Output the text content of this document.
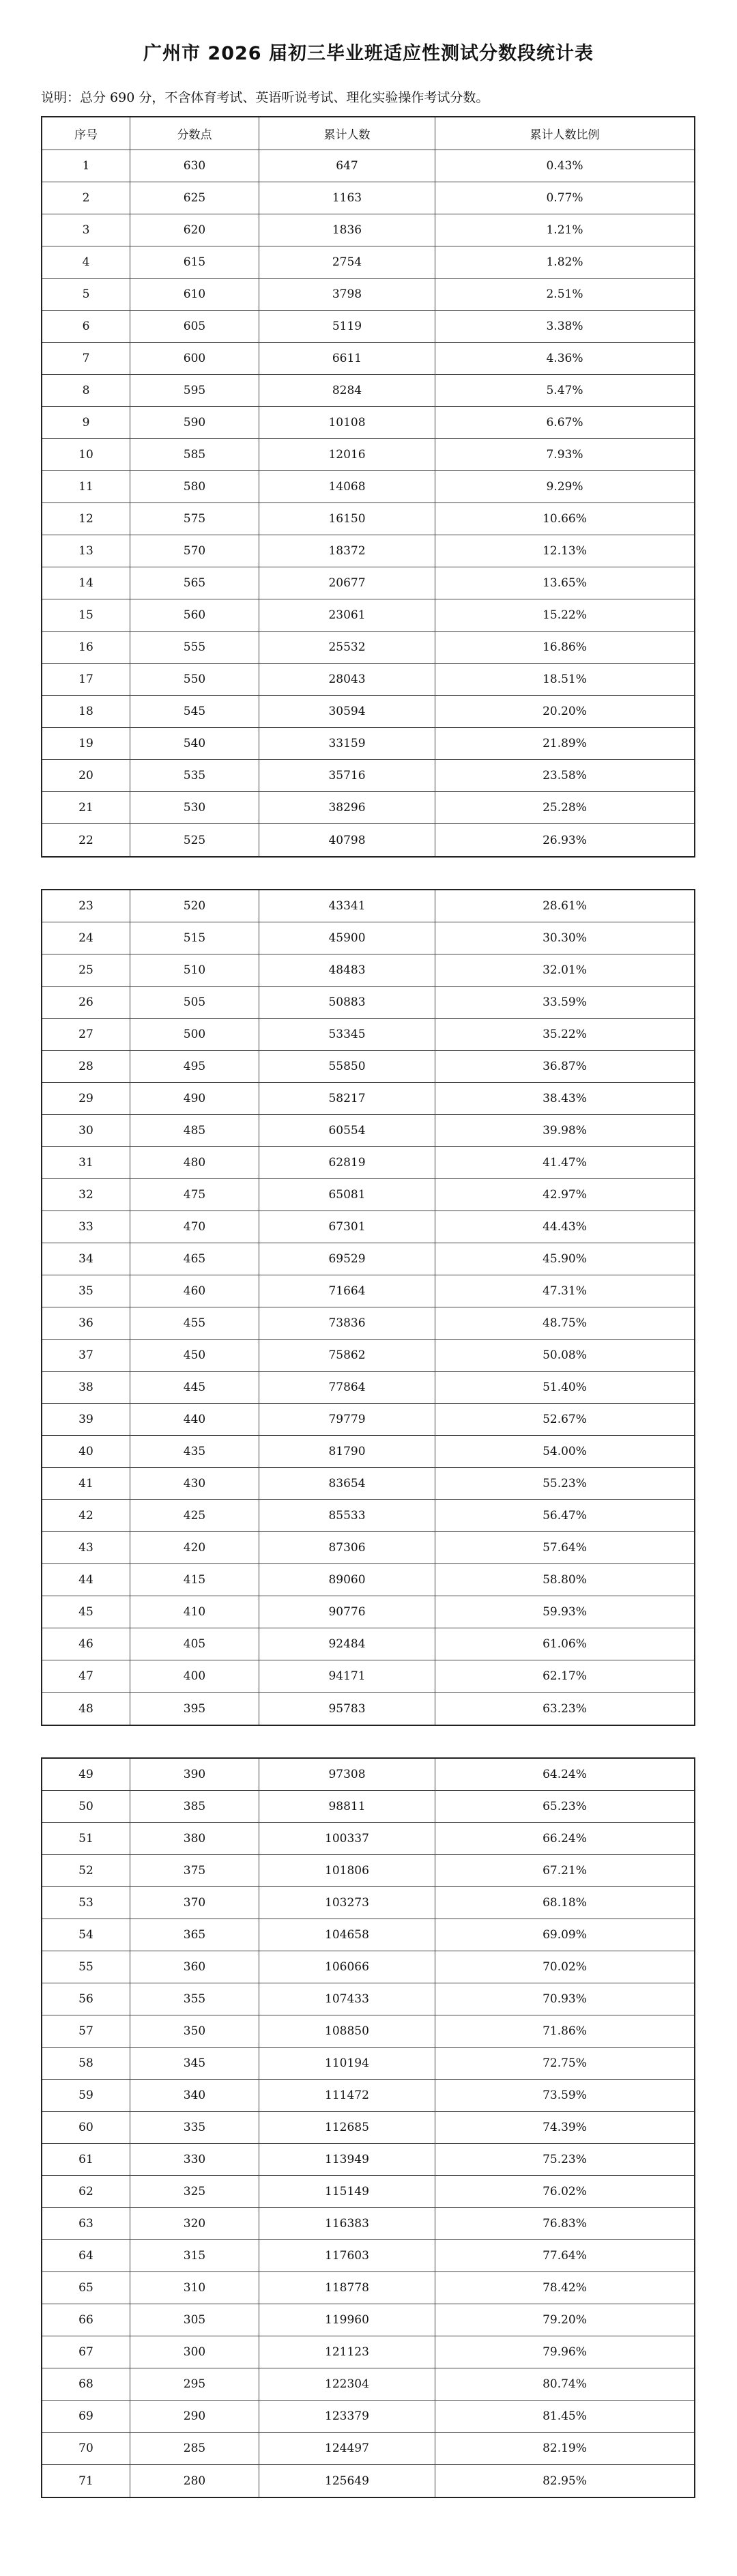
广州市 2026 届初三毕业班适应性测试分数段统计表
说明：总分 690 分，不含体育考试、英语听说考试、理化实验操作考试分数。
序号	分数点	累计人数	累计人数比例
1	630	647	0.43%
2	625	1163	0.77%
3	620	1836	1.21%
4	615	2754	1.82%
5	610	3798	2.51%
6	605	5119	3.38%
7	600	6611	4.36%
8	595	8284	5.47%
9	590	10108	6.67%
10	585	12016	7.93%
11	580	14068	9.29%
12	575	16150	10.66%
13	570	18372	12.13%
14	565	20677	13.65%
15	560	23061	15.22%
16	555	25532	16.86%
17	550	28043	18.51%
18	545	30594	20.20%
19	540	33159	21.89%
20	535	35716	23.58%
21	530	38296	25.28%
22	525	40798	26.93%
23	520	43341	28.61%
24	515	45900	30.30%
25	510	48483	32.01%
26	505	50883	33.59%
27	500	53345	35.22%
28	495	55850	36.87%
29	490	58217	38.43%
30	485	60554	39.98%
31	480	62819	41.47%
32	475	65081	42.97%
33	470	67301	44.43%
34	465	69529	45.90%
35	460	71664	47.31%
36	455	73836	48.75%
37	450	75862	50.08%
38	445	77864	51.40%
39	440	79779	52.67%
40	435	81790	54.00%
41	430	83654	55.23%
42	425	85533	56.47%
43	420	87306	57.64%
44	415	89060	58.80%
45	410	90776	59.93%
46	405	92484	61.06%
47	400	94171	62.17%
48	395	95783	63.23%
49	390	97308	64.24%
50	385	98811	65.23%
51	380	100337	66.24%
52	375	101806	67.21%
53	370	103273	68.18%
54	365	104658	69.09%
55	360	106066	70.02%
56	355	107433	70.93%
57	350	108850	71.86%
58	345	110194	72.75%
59	340	111472	73.59%
60	335	112685	74.39%
61	330	113949	75.23%
62	325	115149	76.02%
63	320	116383	76.83%
64	315	117603	77.64%
65	310	118778	78.42%
66	305	119960	79.20%
67	300	121123	79.96%
68	295	122304	80.74%
69	290	123379	81.45%
70	285	124497	82.19%
71	280	125649	82.95%
